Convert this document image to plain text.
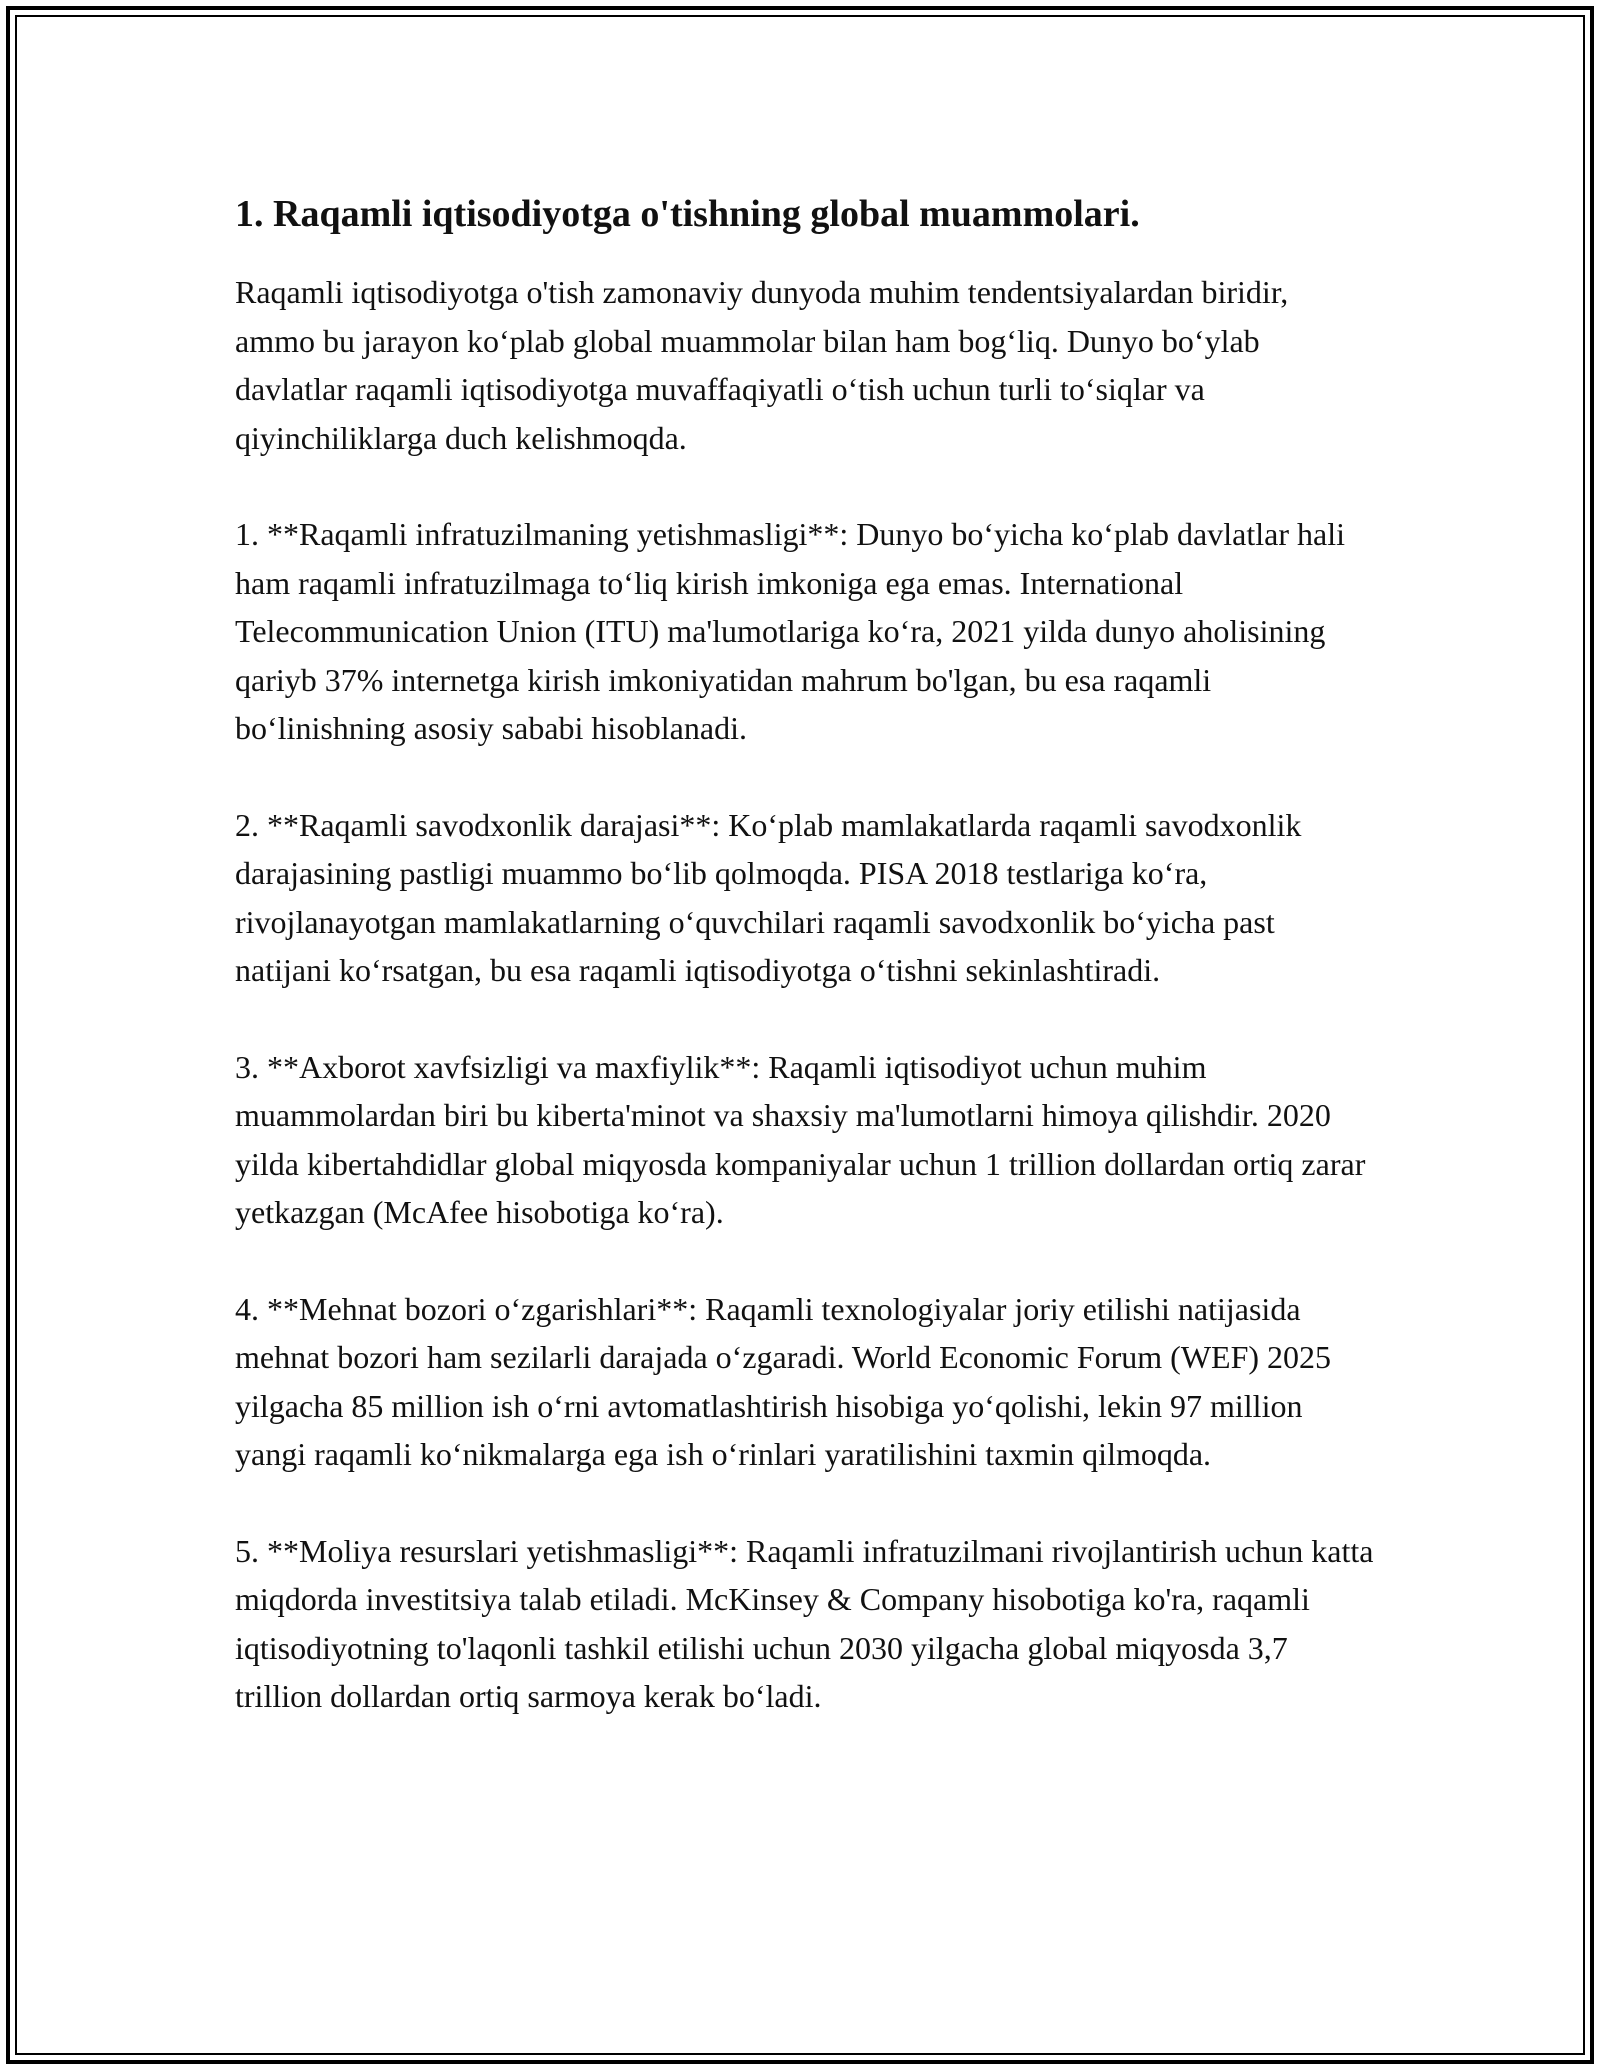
1. Raqamli iqtisodiyotga o'tishning global muammolari.

Raqamli iqtisodiyotga o'tish zamonaviy dunyoda muhim tendentsiyalardan biridir, ammo bu jarayon koʻplab global muammolar bilan ham bogʻliq. Dunyo boʻylab davlatlar raqamli iqtisodiyotga muvaffaqiyatli oʻtish uchun turli toʻsiqlar va qiyinchiliklarga duch kelishmoqda.

1. **Raqamli infratuzilmaning yetishmasligi**: Dunyo boʻyicha koʻplab davlatlar hali ham raqamli infratuzilmaga toʻliq kirish imkoniga ega emas. International Telecommunication Union (ITU) ma'lumotlariga koʻra, 2021 yilda dunyo aholisining qariyb 37% internetga kirish imkoniyatidan mahrum bo'lgan, bu esa raqamli boʻlinishning asosiy sababi hisoblanadi.

2. **Raqamli savodxonlik darajasi**: Koʻplab mamlakatlarda raqamli savodxonlik darajasining pastligi muammo boʻlib qolmoqda. PISA 2018 testlariga koʻra, rivojlanayotgan mamlakatlarning oʻquvchilari raqamli savodxonlik boʻyicha past natijani koʻrsatgan, bu esa raqamli iqtisodiyotga oʻtishni sekinlashtiradi.

3. **Axborot xavfsizligi va maxfiylik**: Raqamli iqtisodiyot uchun muhim muammolardan biri bu kiberta'minot va shaxsiy ma'lumotlarni himoya qilishdir. 2020 yilda kibertahdidlar global miqyosda kompaniyalar uchun 1 trillion dollardan ortiq zarar yetkazgan (McAfee hisobotiga koʻra).

4. **Mehnat bozori oʻzgarishlari**: Raqamli texnologiyalar joriy etilishi natijasida mehnat bozori ham sezilarli darajada oʻzgaradi. World Economic Forum (WEF) 2025 yilgacha 85 million ish oʻrni avtomatlashtirish hisobiga yoʻqolishi, lekin 97 million yangi raqamli koʻnikmalarga ega ish oʻrinlari yaratilishini taxmin qilmoqda.

5. **Moliya resurslari yetishmasligi**: Raqamli infratuzilmani rivojlantirish uchun katta miqdorda investitsiya talab etiladi. McKinsey & Company hisobotiga ko'ra, raqamli iqtisodiyotning to'laqonli tashkil etilishi uchun 2030 yilgacha global miqyosda 3,7 trillion dollardan ortiq sarmoya kerak boʻladi.
